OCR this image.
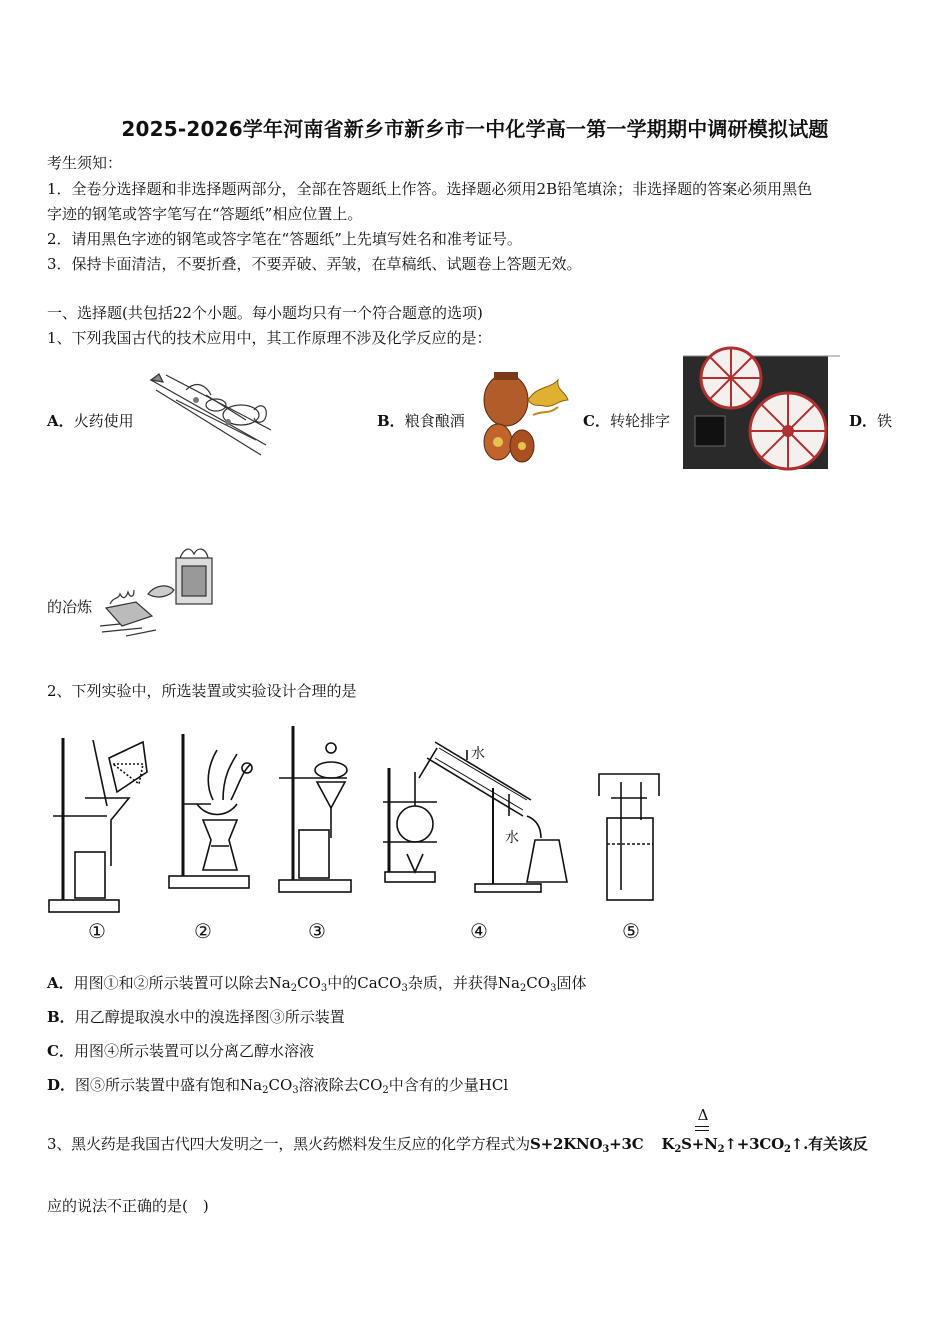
2025-2026学年河南省新乡市新乡市一中化学高一第一学期期中调研模拟试题
考生须知：
1．全卷分选择题和非选择题两部分，全部在答题纸上作答。选择题必须用2B铅笔填涂；非选择题的答案必须用黑色
字迹的钢笔或答字笔写在“答题纸”相应位置上。
2．请用黑色字迹的钢笔或答字笔在“答题纸”上先填写姓名和准考证号。
3．保持卡面清洁，不要折叠，不要弄破、弄皱，在草稿纸、试题卷上答题无效。
一、选择题(共包括22个小题。每小题均只有一个符合题意的选项)
1、下列我国古代的技术应用中，其工作原理不涉及化学反应的是：
A．火药使用	B．粮食酿酒	C．转轮排字	D．铁
的冶炼
2、下列实验中，所选装置或实验设计合理的是
水
水
①	②	③	④	⑤
A．用图①和②所示装置可以除去$Na_2CO_3$中的CaCO$_3$杂质，并获得$Na_2CO_3$固体
B．用乙醇提取溴水中的溴选择图③所示装置
C．用图④所示装置可以分离乙醇水溶液
D．图⑤所示装置中盛有饱和$Na_2CO_3$溶液除去$CO_2$中含有的少量HCl
3、黑火药是我国古代四大发明之一，黑火药燃料发生反应的化学方程式为$S+2KNO_3+3C$ $K_2S+N_2↑+3CO_2↑$.有关该反
Δ
应的说法不正确的是(　)
